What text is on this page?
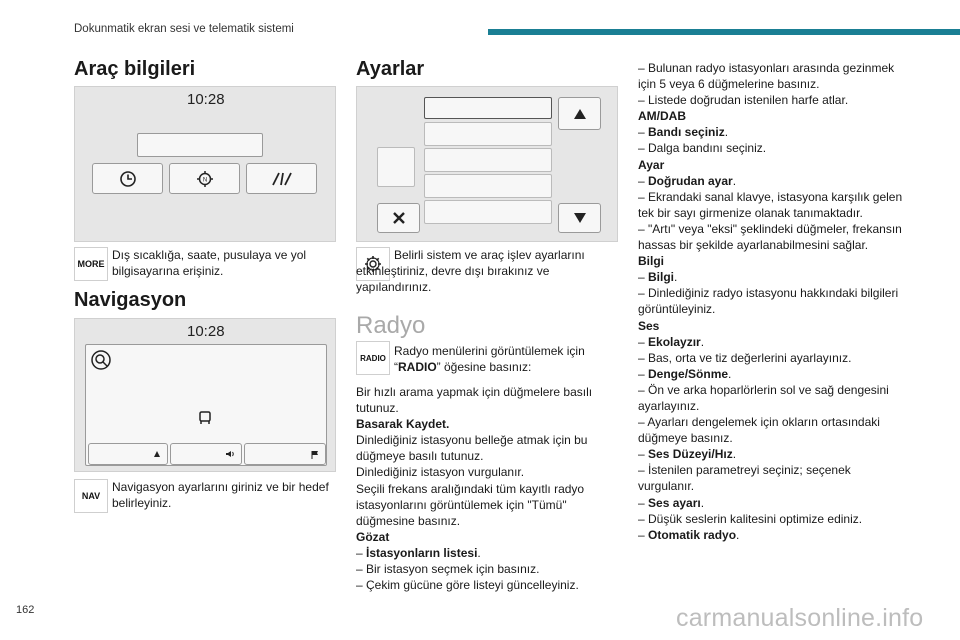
Dokunmatik ekran sesi ve telematik sistemi
Araç bilgileri
10:28
N
MORE
Dış sıcaklığa, saate, pusulaya ve yol bilgisayarına erişiniz.
Navigasyon
10:28
NAV
Navigasyon ayarlarını giriniz ve bir hedef belirleyiniz.
Ayarlar
Belirli sistem ve araç işlev ayarlarını etkinleştiriniz, devre dışı bırakınız ve yapılandırınız.
Radyo
RADIO Radyo menülerini görüntülemek için “RADIO” öğesine basınız:

Bir hızlı arama yapmak için düğmelere basılı tutunuz.

Basarak Kaydet.

Dinlediğiniz istasyonu belleğe atmak için bu düğmeye basılı tutunuz.

Dinlediğiniz istasyon vurgulanır.

Seçili frekans aralığındaki tüm kayıtlı radyo istasyonlarını görüntülemek için "Tümü" düğmesine basınız.

Gözat

– İstasyonların listesi.

– Bir istasyon seçmek için basınız.

– Çekim gücüne göre listeyi güncelleyiniz.

– Bulunan radyo istasyonları arasında gezinmek için 5 veya 6 düğmelerine basınız.

– Listede doğrudan istenilen harfe atlar.

AM/DAB

– Bandı seçiniz.

– Dalga bandını seçiniz.

Ayar

– Doğrudan ayar.

– Ekrandaki sanal klavye, istasyona karşılık gelen tek bir sayı girmenize olanak tanımaktadır.

– "Artı" veya "eksi" şeklindeki düğmeler, frekansın hassas bir şekilde ayarlanabilmesini sağlar.

Bilgi

– Bilgi.

– Dinlediğiniz radyo istasyonu hakkındaki bilgileri görüntüleyiniz.

Ses

– Ekolayzır.

– Bas, orta ve tiz değerlerini ayarlayınız.

– Denge/Sönme.

– Ön ve arka hoparlörlerin sol ve sağ dengesini ayarlayınız.

– Ayarları dengelemek için okların ortasındaki düğmeye basınız.

– Ses Düzeyi/Hız.

– İstenilen parametreyi seçiniz; seçenek vurgulanır.

– Ses ayarı.

– Düşük seslerin kalitesini optimize ediniz.

– Otomatik radyo.

162	carmanualsonline.info
